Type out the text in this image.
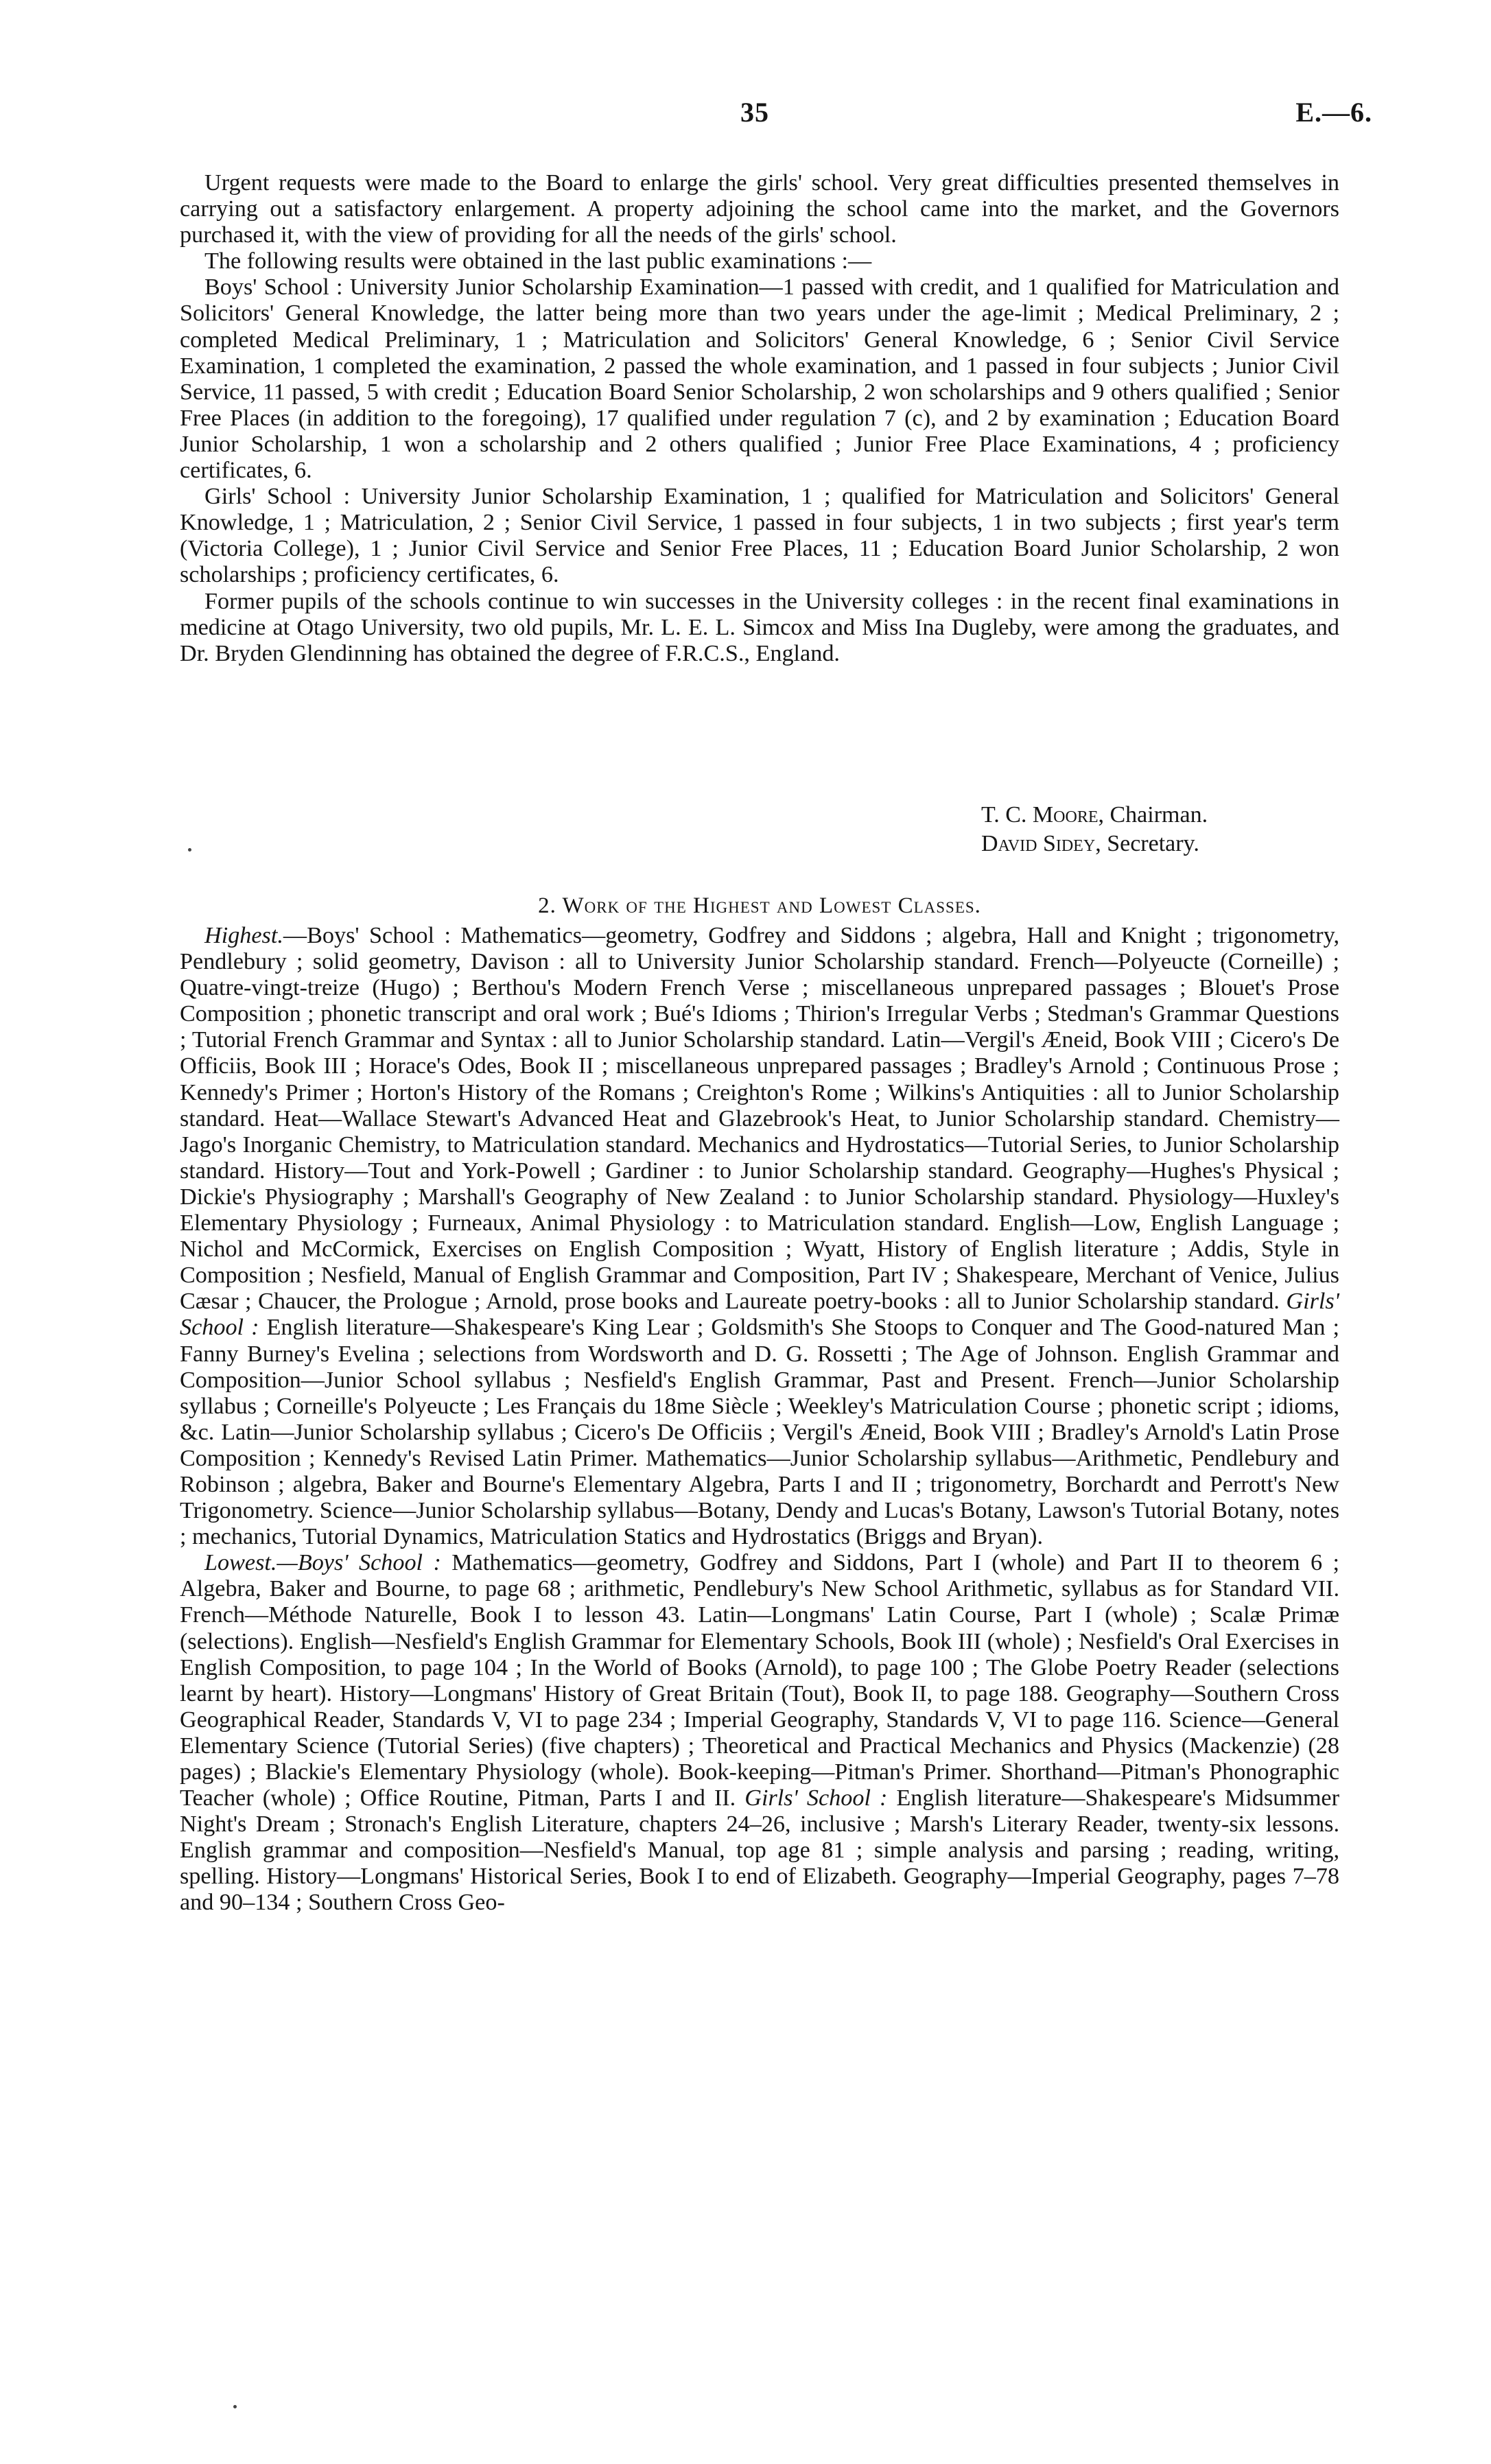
35	E.—6.

Urgent requests were made to the Board to enlarge the girls' school. Very great difficulties presented themselves in carrying out a satisfactory enlargement. A property adjoining the school came into the market, and the Governors purchased it, with the view of providing for all the needs of the girls' school.

The following results were obtained in the last public examinations :—

Boys' School : University Junior Scholarship Examination—1 passed with credit, and 1 qualified for Matriculation and Solicitors' General Knowledge, the latter being more than two years under the age-limit ; Medical Preliminary, 2 ; completed Medical Preliminary, 1 ; Matriculation and Solicitors' General Knowledge, 6 ; Senior Civil Service Examination, 1 completed the examination, 2 passed the whole examination, and 1 passed in four subjects ; Junior Civil Service, 11 passed, 5 with credit ; Education Board Senior Scholarship, 2 won scholarships and 9 others qualified ; Senior Free Places (in addition to the foregoing), 17 qualified under regulation 7 (c), and 2 by examination ; Education Board Junior Scholarship, 1 won a scholarship and 2 others qualified ; Junior Free Place Examinations, 4 ; proficiency certificates, 6.

Girls' School : University Junior Scholarship Examination, 1 ; qualified for Matriculation and Solicitors' General Knowledge, 1 ; Matriculation, 2 ; Senior Civil Service, 1 passed in four subjects, 1 in two subjects ; first year's term (Victoria College), 1 ; Junior Civil Service and Senior Free Places, 11 ; Education Board Junior Scholarship, 2 won scholarships ; proficiency certificates, 6.

Former pupils of the schools continue to win successes in the University colleges : in the recent final examinations in medicine at Otago University, two old pupils, Mr. L. E. L. Simcox and Miss Ina Dugleby, were among the graduates, and Dr. Bryden Glendinning has obtained the degree of F.R.C.S., England.

T. C. Moore, Chairman.
David Sidey, Secretary.
2. Work of the Highest and Lowest Classes.

Highest.—Boys' School : Mathematics—geometry, Godfrey and Siddons ; algebra, Hall and Knight ; trigonometry, Pendlebury ; solid geometry, Davison : all to University Junior Scholarship standard. French—Polyeucte (Corneille) ; Quatre-vingt-treize (Hugo) ; Berthou's Modern French Verse ; miscellaneous unprepared passages ; Blouet's Prose Composition ; phonetic transcript and oral work ; Bué's Idioms ; Thirion's Irregular Verbs ; Stedman's Grammar Questions ; Tutorial French Grammar and Syntax : all to Junior Scholarship standard. Latin—Vergil's Æneid, Book VIII ; Cicero's De Officiis, Book III ; Horace's Odes, Book II ; miscellaneous unprepared passages ; Bradley's Arnold ; Continuous Prose ; Kennedy's Primer ; Horton's History of the Romans ; Creighton's Rome ; Wilkins's Antiquities : all to Junior Scholarship standard. Heat—Wallace Stewart's Advanced Heat and Glazebrook's Heat, to Junior Scholarship standard. Chemistry—Jago's Inorganic Chemistry, to Matriculation standard. Mechanics and Hydrostatics—Tutorial Series, to Junior Scholarship standard. History—Tout and York-Powell ; Gardiner : to Junior Scholarship standard. Geography—Hughes's Physical ; Dickie's Physiography ; Marshall's Geography of New Zealand : to Junior Scholarship standard. Physiology—Huxley's Elementary Physiology ; Furneaux, Animal Physiology : to Matriculation standard. English—Low, English Language ; Nichol and McCormick, Exercises on English Composition ; Wyatt, History of English literature ; Addis, Style in Composition ; Nesfield, Manual of English Grammar and Composition, Part IV ; Shakespeare, Merchant of Venice, Julius Cæsar ; Chaucer, the Prologue ; Arnold, prose books and Laureate poetry-books : all to Junior Scholarship standard. Girls' School : English literature—Shakespeare's King Lear ; Goldsmith's She Stoops to Conquer and The Good-natured Man ; Fanny Burney's Evelina ; selections from Wordsworth and D. G. Rossetti ; The Age of Johnson. English Grammar and Composition—Junior School syllabus ; Nesfield's English Grammar, Past and Present. French—Junior Scholarship syllabus ; Corneille's Polyeucte ; Les Français du 18me Siècle ; Weekley's Matriculation Course ; phonetic script ; idioms, &c. Latin—Junior Scholarship syllabus ; Cicero's De Officiis ; Vergil's Æneid, Book VIII ; Bradley's Arnold's Latin Prose Composition ; Kennedy's Revised Latin Primer. Mathematics—Junior Scholarship syllabus—Arithmetic, Pendlebury and Robinson ; algebra, Baker and Bourne's Elementary Algebra, Parts I and II ; trigonometry, Borchardt and Perrott's New Trigonometry. Science—Junior Scholarship syllabus—Botany, Dendy and Lucas's Botany, Lawson's Tutorial Botany, notes ; mechanics, Tutorial Dynamics, Matriculation Statics and Hydrostatics (Briggs and Bryan).

Lowest.—Boys' School : Mathematics—geometry, Godfrey and Siddons, Part I (whole) and Part II to theorem 6 ; Algebra, Baker and Bourne, to page 68 ; arithmetic, Pendlebury's New School Arithmetic, syllabus as for Standard VII. French—Méthode Naturelle, Book I to lesson 43. Latin—Longmans' Latin Course, Part I (whole) ; Scalæ Primæ (selections). English—Nesfield's English Grammar for Elementary Schools, Book III (whole) ; Nesfield's Oral Exercises in English Composition, to page 104 ; In the World of Books (Arnold), to page 100 ; The Globe Poetry Reader (selections learnt by heart). History—Longmans' History of Great Britain (Tout), Book II, to page 188. Geography—Southern Cross Geographical Reader, Standards V, VI to page 234 ; Imperial Geography, Standards V, VI to page 116. Science—General Elementary Science (Tutorial Series) (five chapters) ; Theoretical and Practical Mechanics and Physics (Mackenzie) (28 pages) ; Blackie's Elementary Physiology (whole). Book-keeping—Pitman's Primer. Shorthand—Pitman's Phonographic Teacher (whole) ; Office Routine, Pitman, Parts I and II. Girls' School : English literature—Shakespeare's Midsummer Night's Dream ; Stronach's English Literature, chapters 24–26, inclusive ; Marsh's Literary Reader, twenty-six lessons. English grammar and composition—Nesfield's Manual, top age 81 ; simple analysis and parsing ; reading, writing, spelling. History—Longmans' Historical Series, Book I to end of Elizabeth. Geography—Imperial Geography, pages 7–78 and 90–134 ; Southern Cross Geo-
